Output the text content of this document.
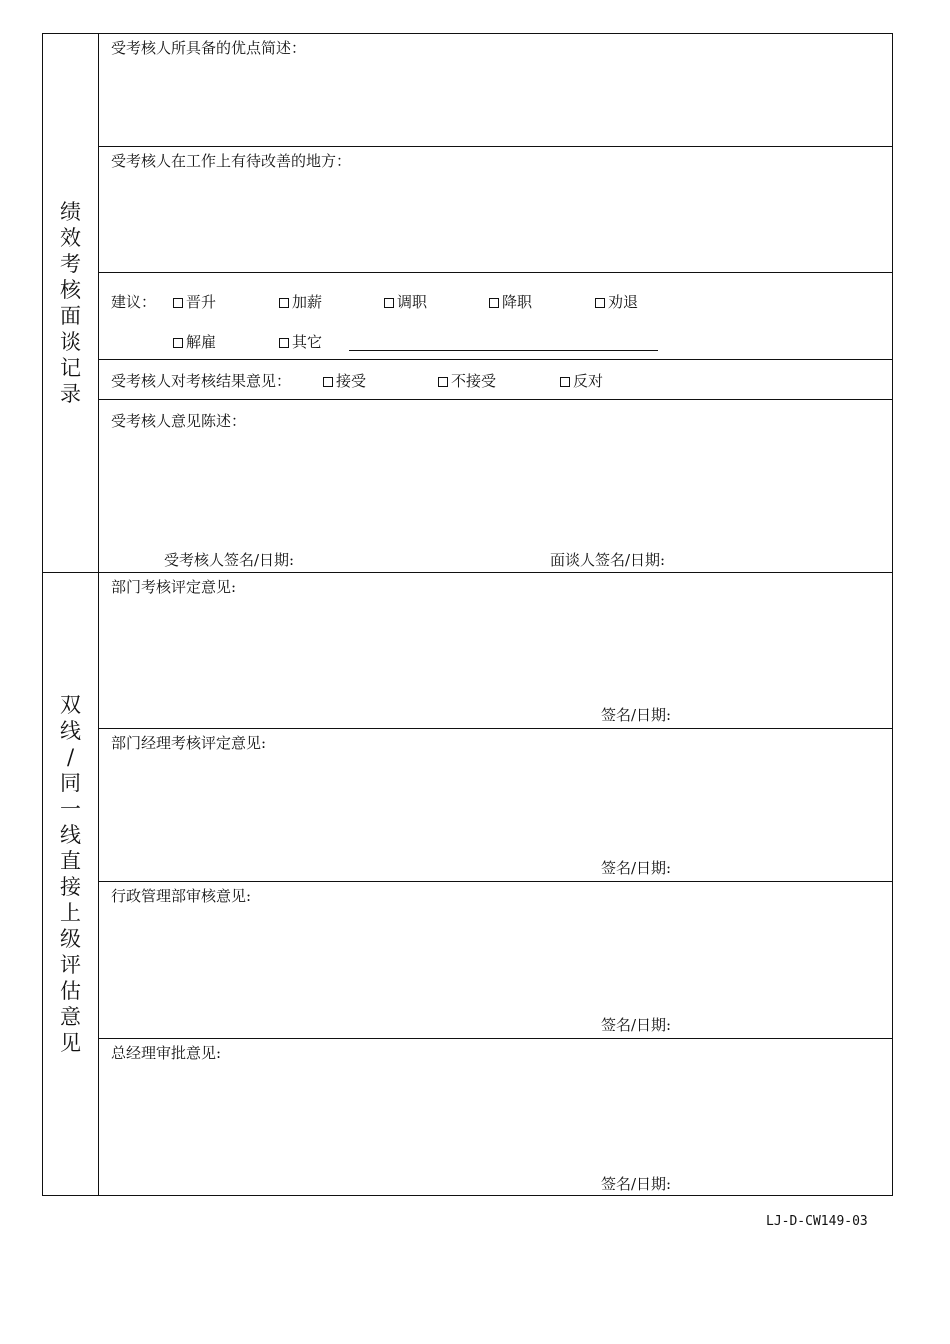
绩
效
考
核
面
谈
记
录
双
线
/
同
一
线
直
接
上
级
评
估
意
见
受考核人所具备的优点简述：
受考核人在工作上有待改善的地方：
建议：	晋升	加薪	调职	降职	劝退
解雇	其它
受考核人对考核结果意见：	接受	不接受	反对
受考核人意见陈述：
受考核人签名/日期:	面谈人签名/日期:
部门考核评定意见:
签名/日期:
部门经理考核评定意见:
签名/日期:
行政管理部审核意见:
签名/日期:
总经理审批意见:
签名/日期:
LJ-D-CW149-03
